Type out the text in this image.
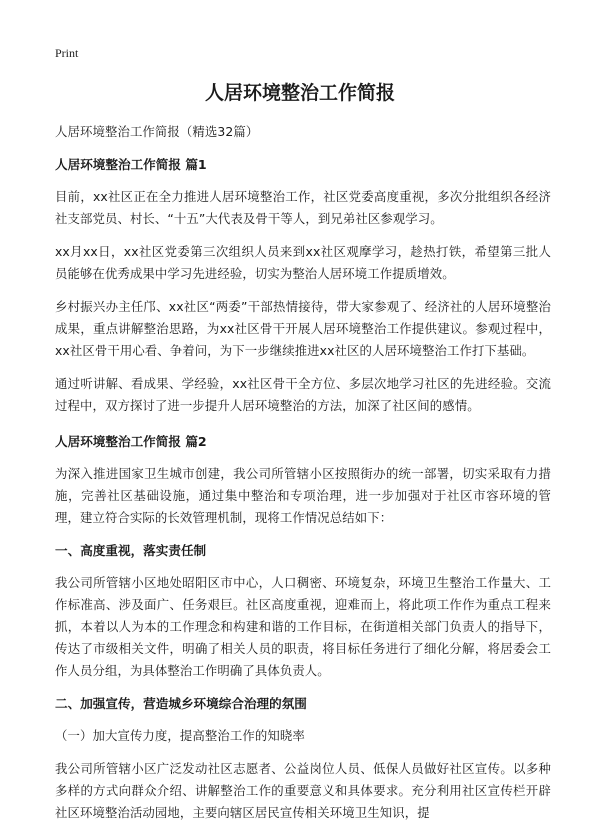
Print
人居环境整治工作简报

人居环境整治工作简报（精选32篇）

人居环境整治工作简报 篇1

目前，xx社区正在全力推进人居环境整治工作，社区党委高度重视，多次分批组织各经济社支部党员、村长、“十五”大代表及骨干等人，到兄弟社区参观学习。

xx月xx日，xx社区党委第三次组织人员来到xx社区观摩学习，趁热打铁，希望第三批人员能够在优秀成果中学习先进经验，切实为整治人居环境工作提质增效。

乡村振兴办主任邝、xx社区“两委”干部热情接待，带大家参观了、经济社的人居环境整治成果，重点讲解整治思路，为xx社区骨干开展人居环境整治工作提供建议。参观过程中，xx社区骨干用心看、争着问，为下一步继续推进xx社区的人居环境整治工作打下基础。

通过听讲解、看成果、学经验，xx社区骨干全方位、多层次地学习社区的先进经验。交流过程中，双方探讨了进一步提升人居环境整治的方法，加深了社区间的感情。

人居环境整治工作简报 篇2

为深入推进国家卫生城市创建，我公司所管辖小区按照街办的统一部署，切实采取有力措施，完善社区基础设施，通过集中整治和专项治理，进一步加强对于社区市容环境的管理，建立符合实际的长效管理机制，现将工作情况总结如下：

一、高度重视，落实责任制

我公司所管辖小区地处昭阳区市中心，人口稠密、环境复杂，环境卫生整治工作量大、工作标准高、涉及面广、任务艰巨。社区高度重视，迎难而上，将此项工作作为重点工程来抓，本着以人为本的工作理念和构建和谐的工作目标，在街道相关部门负责人的指导下，传达了市级相关文件，明确了相关人员的职责，将目标任务进行了细化分解，将居委会工作人员分组，为具体整治工作明确了具体负责人。

二、加强宣传，营造城乡环境综合治理的氛围

（一）加大宣传力度，提高整治工作的知晓率

我公司所管辖小区广泛发动社区志愿者、公益岗位人员、低保人员做好社区宣传。以多种多样的方式向群众介绍、讲解整治工作的重要意义和具体要求。充分利用社区宣传栏开辟社区环境整治活动园地，主要向辖区居民宣传相关环境卫生知识，提
